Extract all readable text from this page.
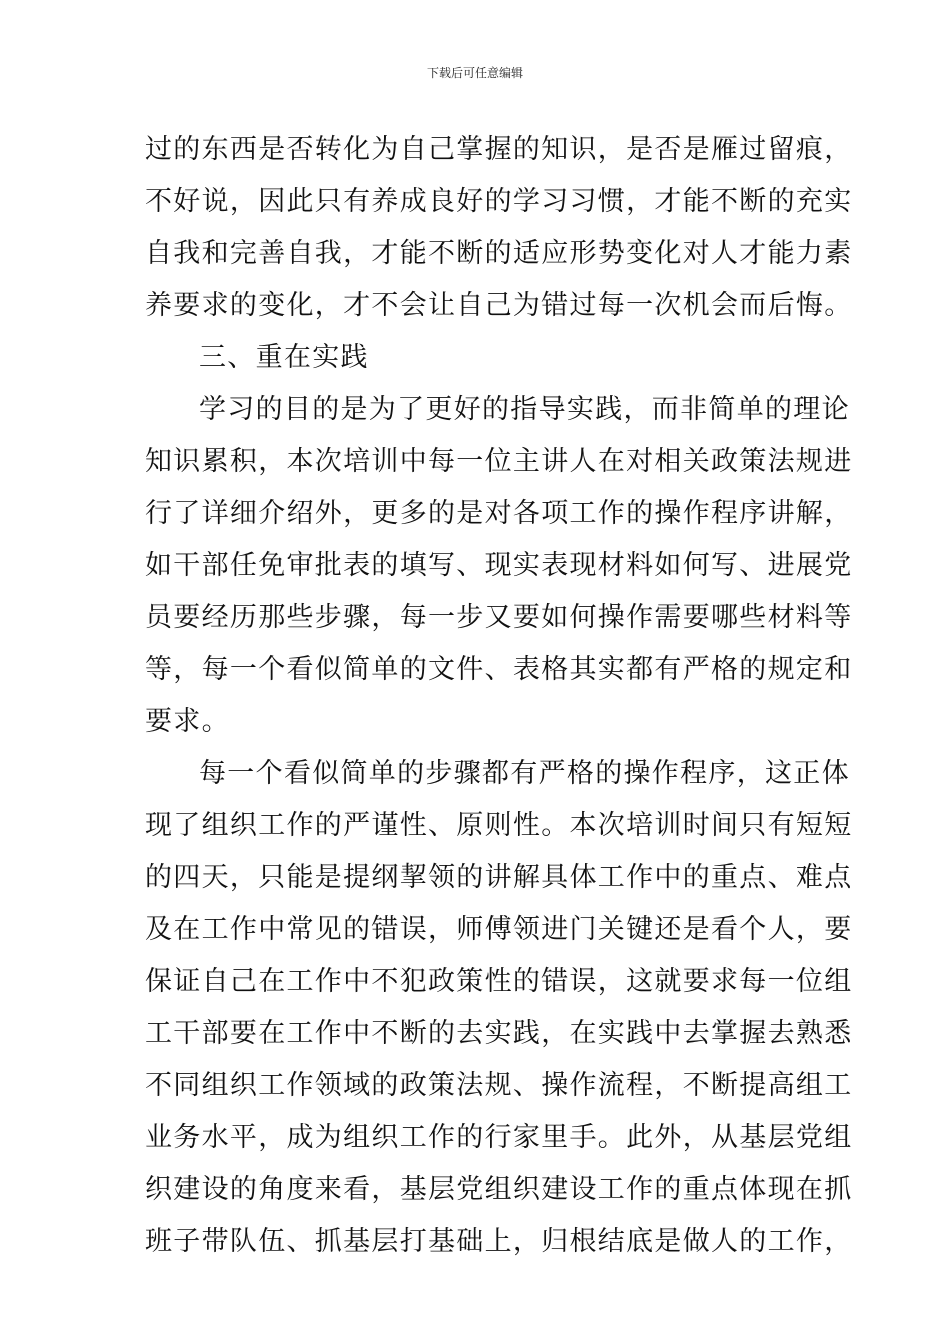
下载后可任意编辑
过的东西是否转化为自己掌握的知识，是否是雁过留痕，
不好说，因此只有养成良好的学习习惯，才能不断的充实
自我和完善自我，才能不断的适应形势变化对人才能力素
养要求的变化，才不会让自己为错过每一次机会而后悔。
三、重在实践
学习的目的是为了更好的指导实践，而非简单的理论
知识累积，本次培训中每一位主讲人在对相关政策法规进
行了详细介绍外，更多的是对各项工作的操作程序讲解，
如干部任免审批表的填写、现实表现材料如何写、进展党
员要经历那些步骤，每一步又要如何操作需要哪些材料等
等，每一个看似简单的文件、表格其实都有严格的规定和
要求。
每一个看似简单的步骤都有严格的操作程序，这正体
现了组织工作的严谨性、原则性。本次培训时间只有短短
的四天，只能是提纲挈领的讲解具体工作中的重点、难点
及在工作中常见的错误，师傅领进门关键还是看个人，要
保证自己在工作中不犯政策性的错误，这就要求每一位组
工干部要在工作中不断的去实践，在实践中去掌握去熟悉
不同组织工作领域的政策法规、操作流程，不断提高组工
业务水平，成为组织工作的行家里手。此外，从基层党组
织建设的角度来看，基层党组织建设工作的重点体现在抓
班子带队伍、抓基层打基础上，归根结底是做人的工作，
